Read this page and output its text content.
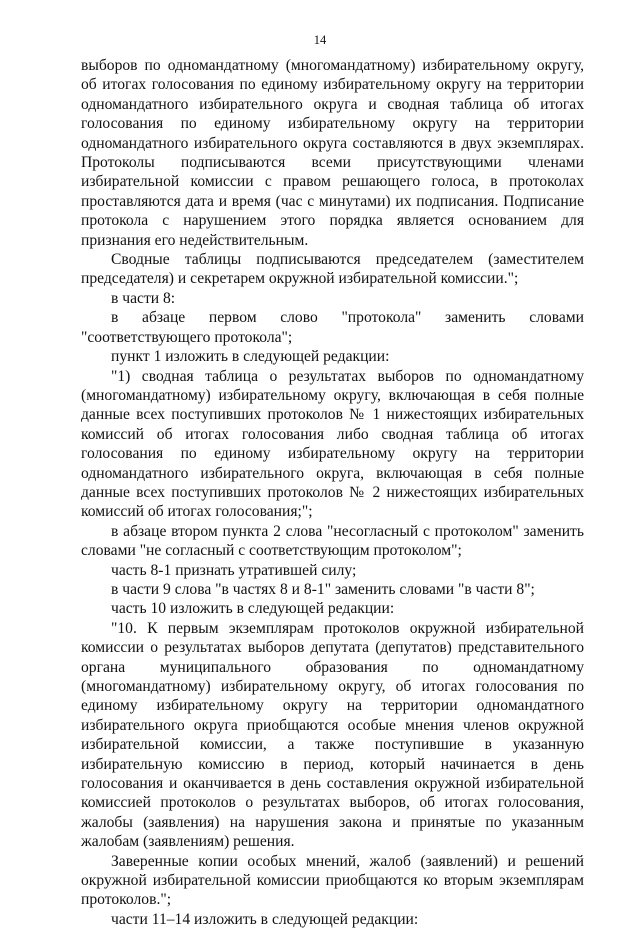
14

выборов по одномандатному (многомандатному) избирательному округу, об итогах голосования по единому избирательному округу на территории одномандатного избирательного округа и сводная таблица об итогах голосования по единому избирательному округу на территории одномандатного избирательного округа составляются в двух экземплярах. Протоколы подписываются всеми присутствующими членами избирательной комиссии с правом решающего голоса, в протоколах проставляются дата и время (час с минутами) их подписания. Подписание протокола с нарушением этого порядка является основанием для признания его недействительным.

Сводные таблицы подписываются председателем (заместителем председателя) и секретарем окружной избирательной комиссии.";

в части 8:

в абзаце первом слово "протокола" заменить словами "соответствующего протокола";

пункт 1 изложить в следующей редакции:

"1) сводная таблица о результатах выборов по одномандатному (многомандатному) избирательному округу, включающая в себя полные данные всех поступивших протоколов № 1 нижестоящих избирательных комиссий об итогах голосования либо сводная таблица об итогах голосования по единому избирательному округу на территории одномандатного избирательного округа, включающая в себя полные данные всех поступивших протоколов № 2 нижестоящих избирательных комиссий об итогах голосования;";

в абзаце втором пункта 2 слова "несогласный с протоколом" заменить словами "не согласный с соответствующим протоколом";

часть 8-1 признать утратившей силу;

в части 9 слова "в частях 8 и 8-1" заменить словами "в части 8";

часть 10 изложить в следующей редакции:

"10. К первым экземплярам протоколов окружной избирательной комиссии о результатах выборов депутата (депутатов) представительного органа муниципального образования по одномандатному (многомандатному) избирательному округу, об итогах голосования по единому избирательному округу на территории одномандатного избирательного округа приобщаются особые мнения членов окружной избирательной комиссии, а также поступившие в указанную избирательную комиссию в период, который начинается в день голосования и оканчивается в день составления окружной избирательной комиссией протоколов о результатах выборов, об итогах голосования, жалобы (заявления) на нарушения закона и принятые по указанным жалобам (заявлениям) решения.

Заверенные копии особых мнений, жалоб (заявлений) и решений окружной избирательной комиссии приобщаются ко вторым экземплярам протоколов.";

части 11–14 изложить в следующей редакции:
